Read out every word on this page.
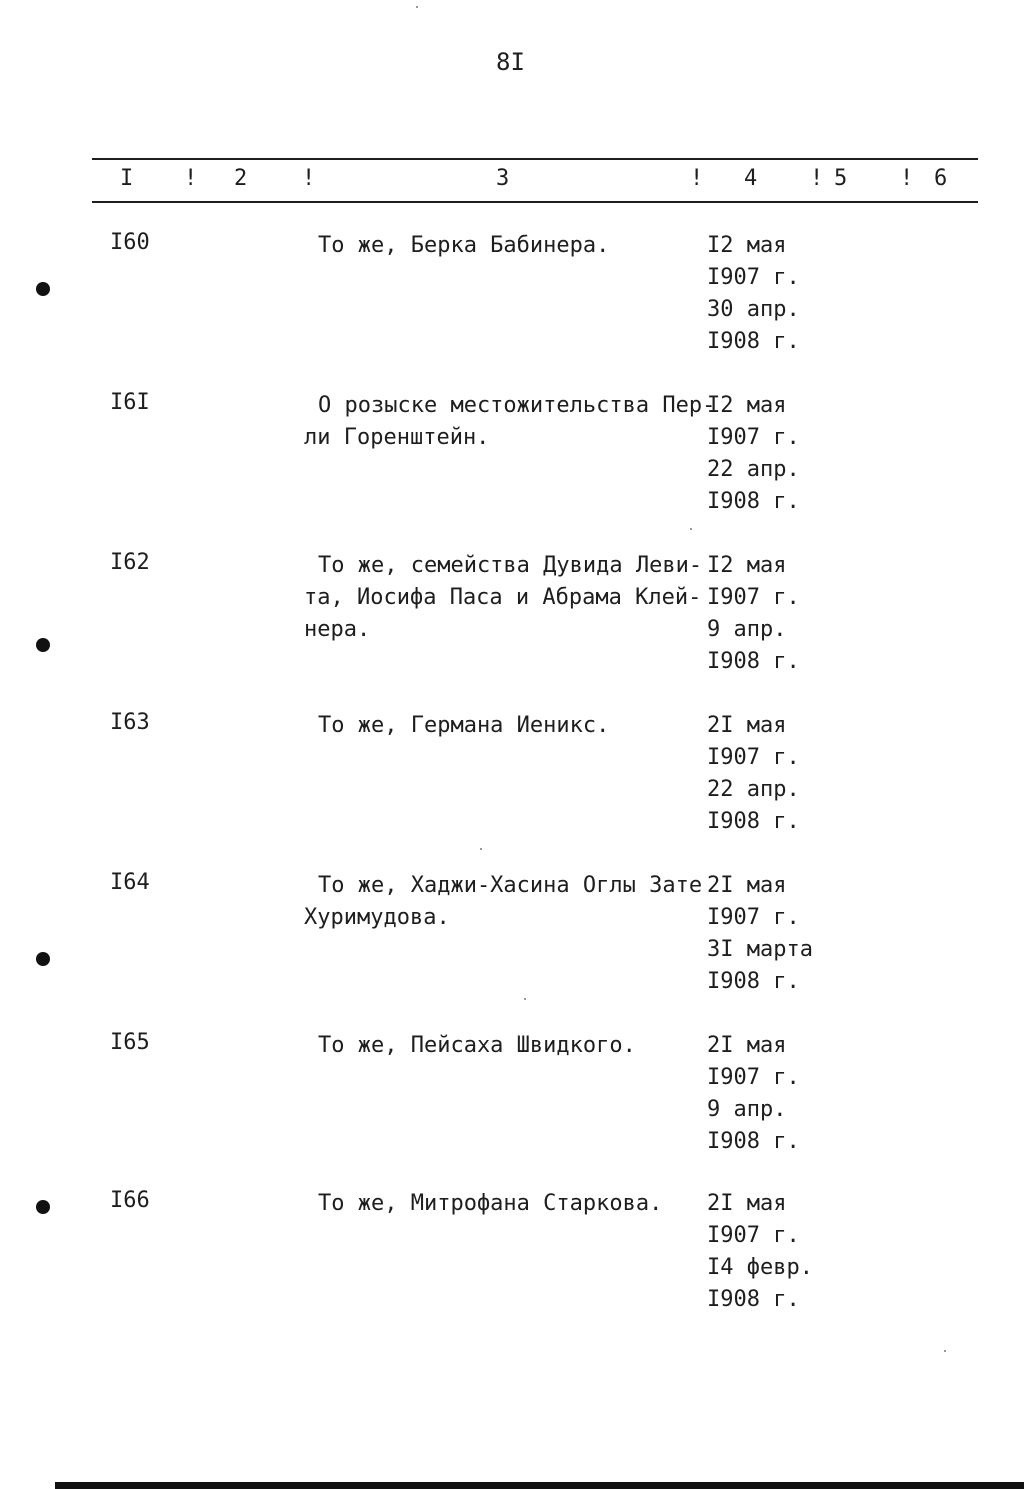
8I
I ! 2 !	3	! 4 ! 5 ! 6
I60	То же, Берка Бабинера.	I2 мая
I907 г.
30 апр.
I908 г.
I6I	О розыске местожительства Пер-
ли Горенштейн.
I2 мая
I907 г.
22 апр.
I908 г.
I62	То же, семейства Дувида Леви-
та, Иосифа Паса и Абрама Клей-
нера.
I2 мая
I907 г.
9 апр.
I908 г.
I63	То же, Германа Иеникс.	2I мая
I907 г.
22 апр.
I908 г.
I64	То же, Хаджи-Хасина Оглы Зате
Хуримудова.
2I мая
I907 г.
3I марта
I908 г.
I65	То же, Пейсаха Швидкого.	2I мая
I907 г.
9 апр.
I908 г.
I66	То же, Митрофана Старкова. 2I мая
I907 г.
I4 февр.
I908 г.
